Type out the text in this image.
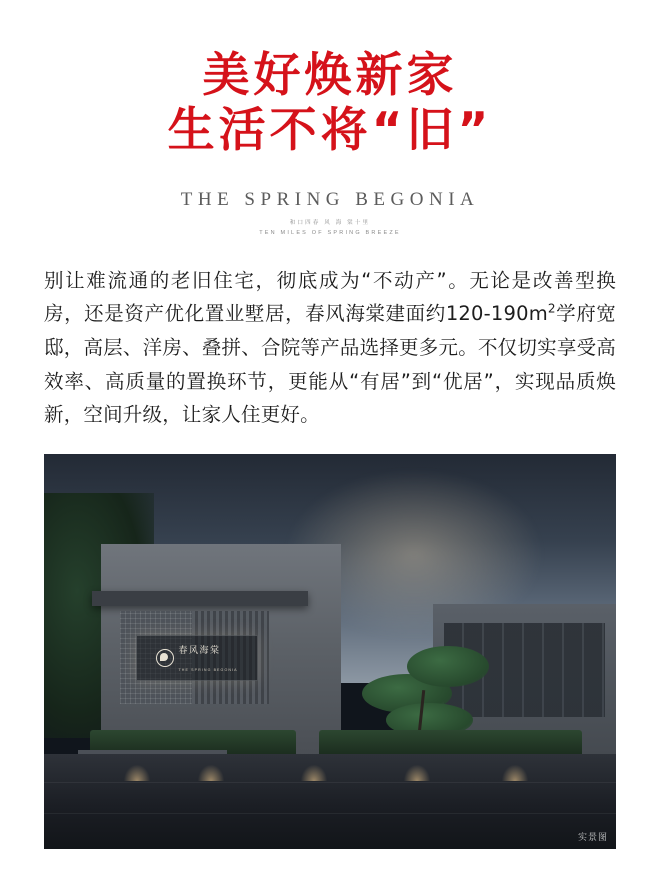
美好焕新家
生活不将“旧”
THE SPRING BEGONIA
和口四春 风 海 棠十里
TEN MILES OF SPRING BREEZE
别让难流通的老旧住宅，彻底成为“不动产”。无论是改善型换房，还是资产优化置业墅居，春风海棠建面约$120-190m^2$学府宽邸，高层、洋房、叠拼、合院等产品选择更多元。不仅切实享受高效率、高质量的置换环节，更能从“有居”到“优居”，实现品质焕新，空间升级，让家人住更好。
春风海棠
THE SPRING BEGONIA
实景图
